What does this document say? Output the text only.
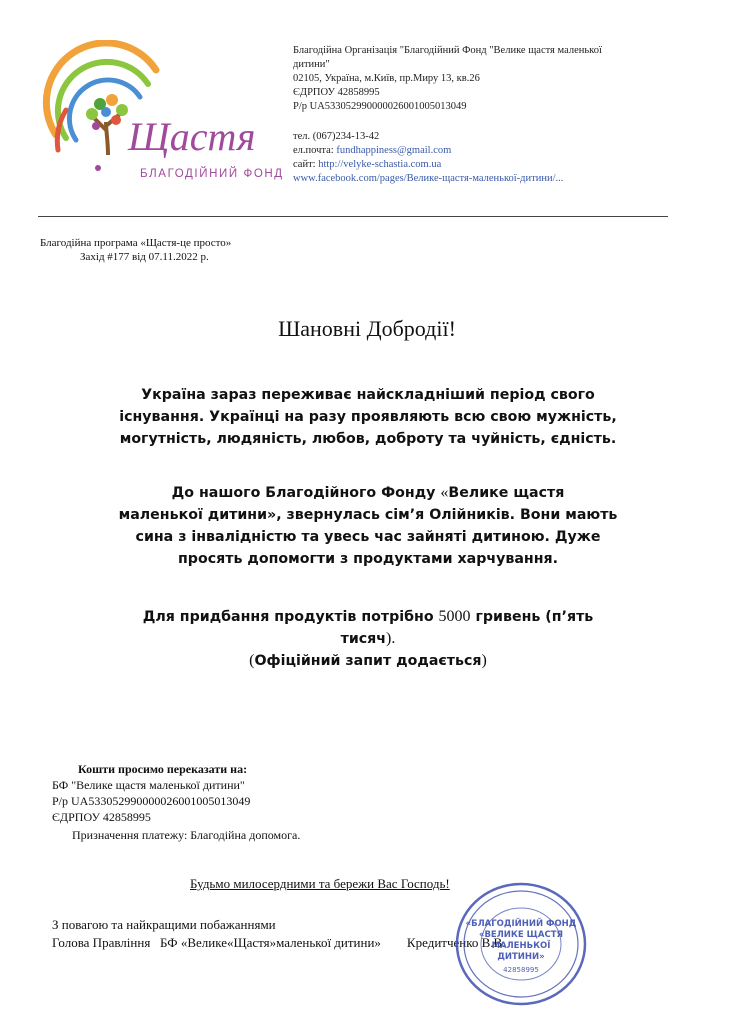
Щастя
БЛАГОДІЙНИЙ ФОНД
Благодійна Організація "Благодійний Фонд "Велике щастя маленької
дитини"
02105, Україна, м.Київ, пр.Миру 13, кв.26
ЄДРПОУ 42858995
Р/р UA533052990000026001005013049
тел. (067)234-13-42
ел.почта: fundhappiness@gmail.com
сайт: http://velyke-schastia.com.ua
www.facebook.com/pages/Велике-щастя-маленької-дитини/...
Благодійна програма «Щастя-це просто»
Захід #177 від 07.11.2022 р.
Шановні Добродії!
Україна зараз переживає найскладніший період свого
існування. Українці на разу проявляють всю свою мужність,
могутність, людяність, любов, доброту та чуйність, єдність.
До нашого Благодійного Фонду «Велике щастя
маленької дитини», звернулась сім’я Олійників. Вони мають
сина з інвалідністю та увесь час зайняті дитиною. Дуже
просять допомогти з продуктами харчування.
Для придбання продуктів потрібно 5000 гривень (п’ять
тисяч).
(Офіційний запит додається)
Кошти просимо переказати на:
БФ "Велике щастя маленької дитини"
Р/р UA533052990000026001005013049
ЄДРПОУ 42858995
Призначення платежу: Благодійна допомога.
Будьмо милосердними та бережи Вас Господь!
З повагою та найкращими побажаннями
Голова Правління   БФ «Велике«Щастя»маленької дитини»        Кредитченко В.В.
«БЛАГОДІЙНИЙ ФОНД
«ВЕЛИКЕ ЩАСТЯ
МАЛЕНЬКОЇ
ДИТИНИ»
42858995
